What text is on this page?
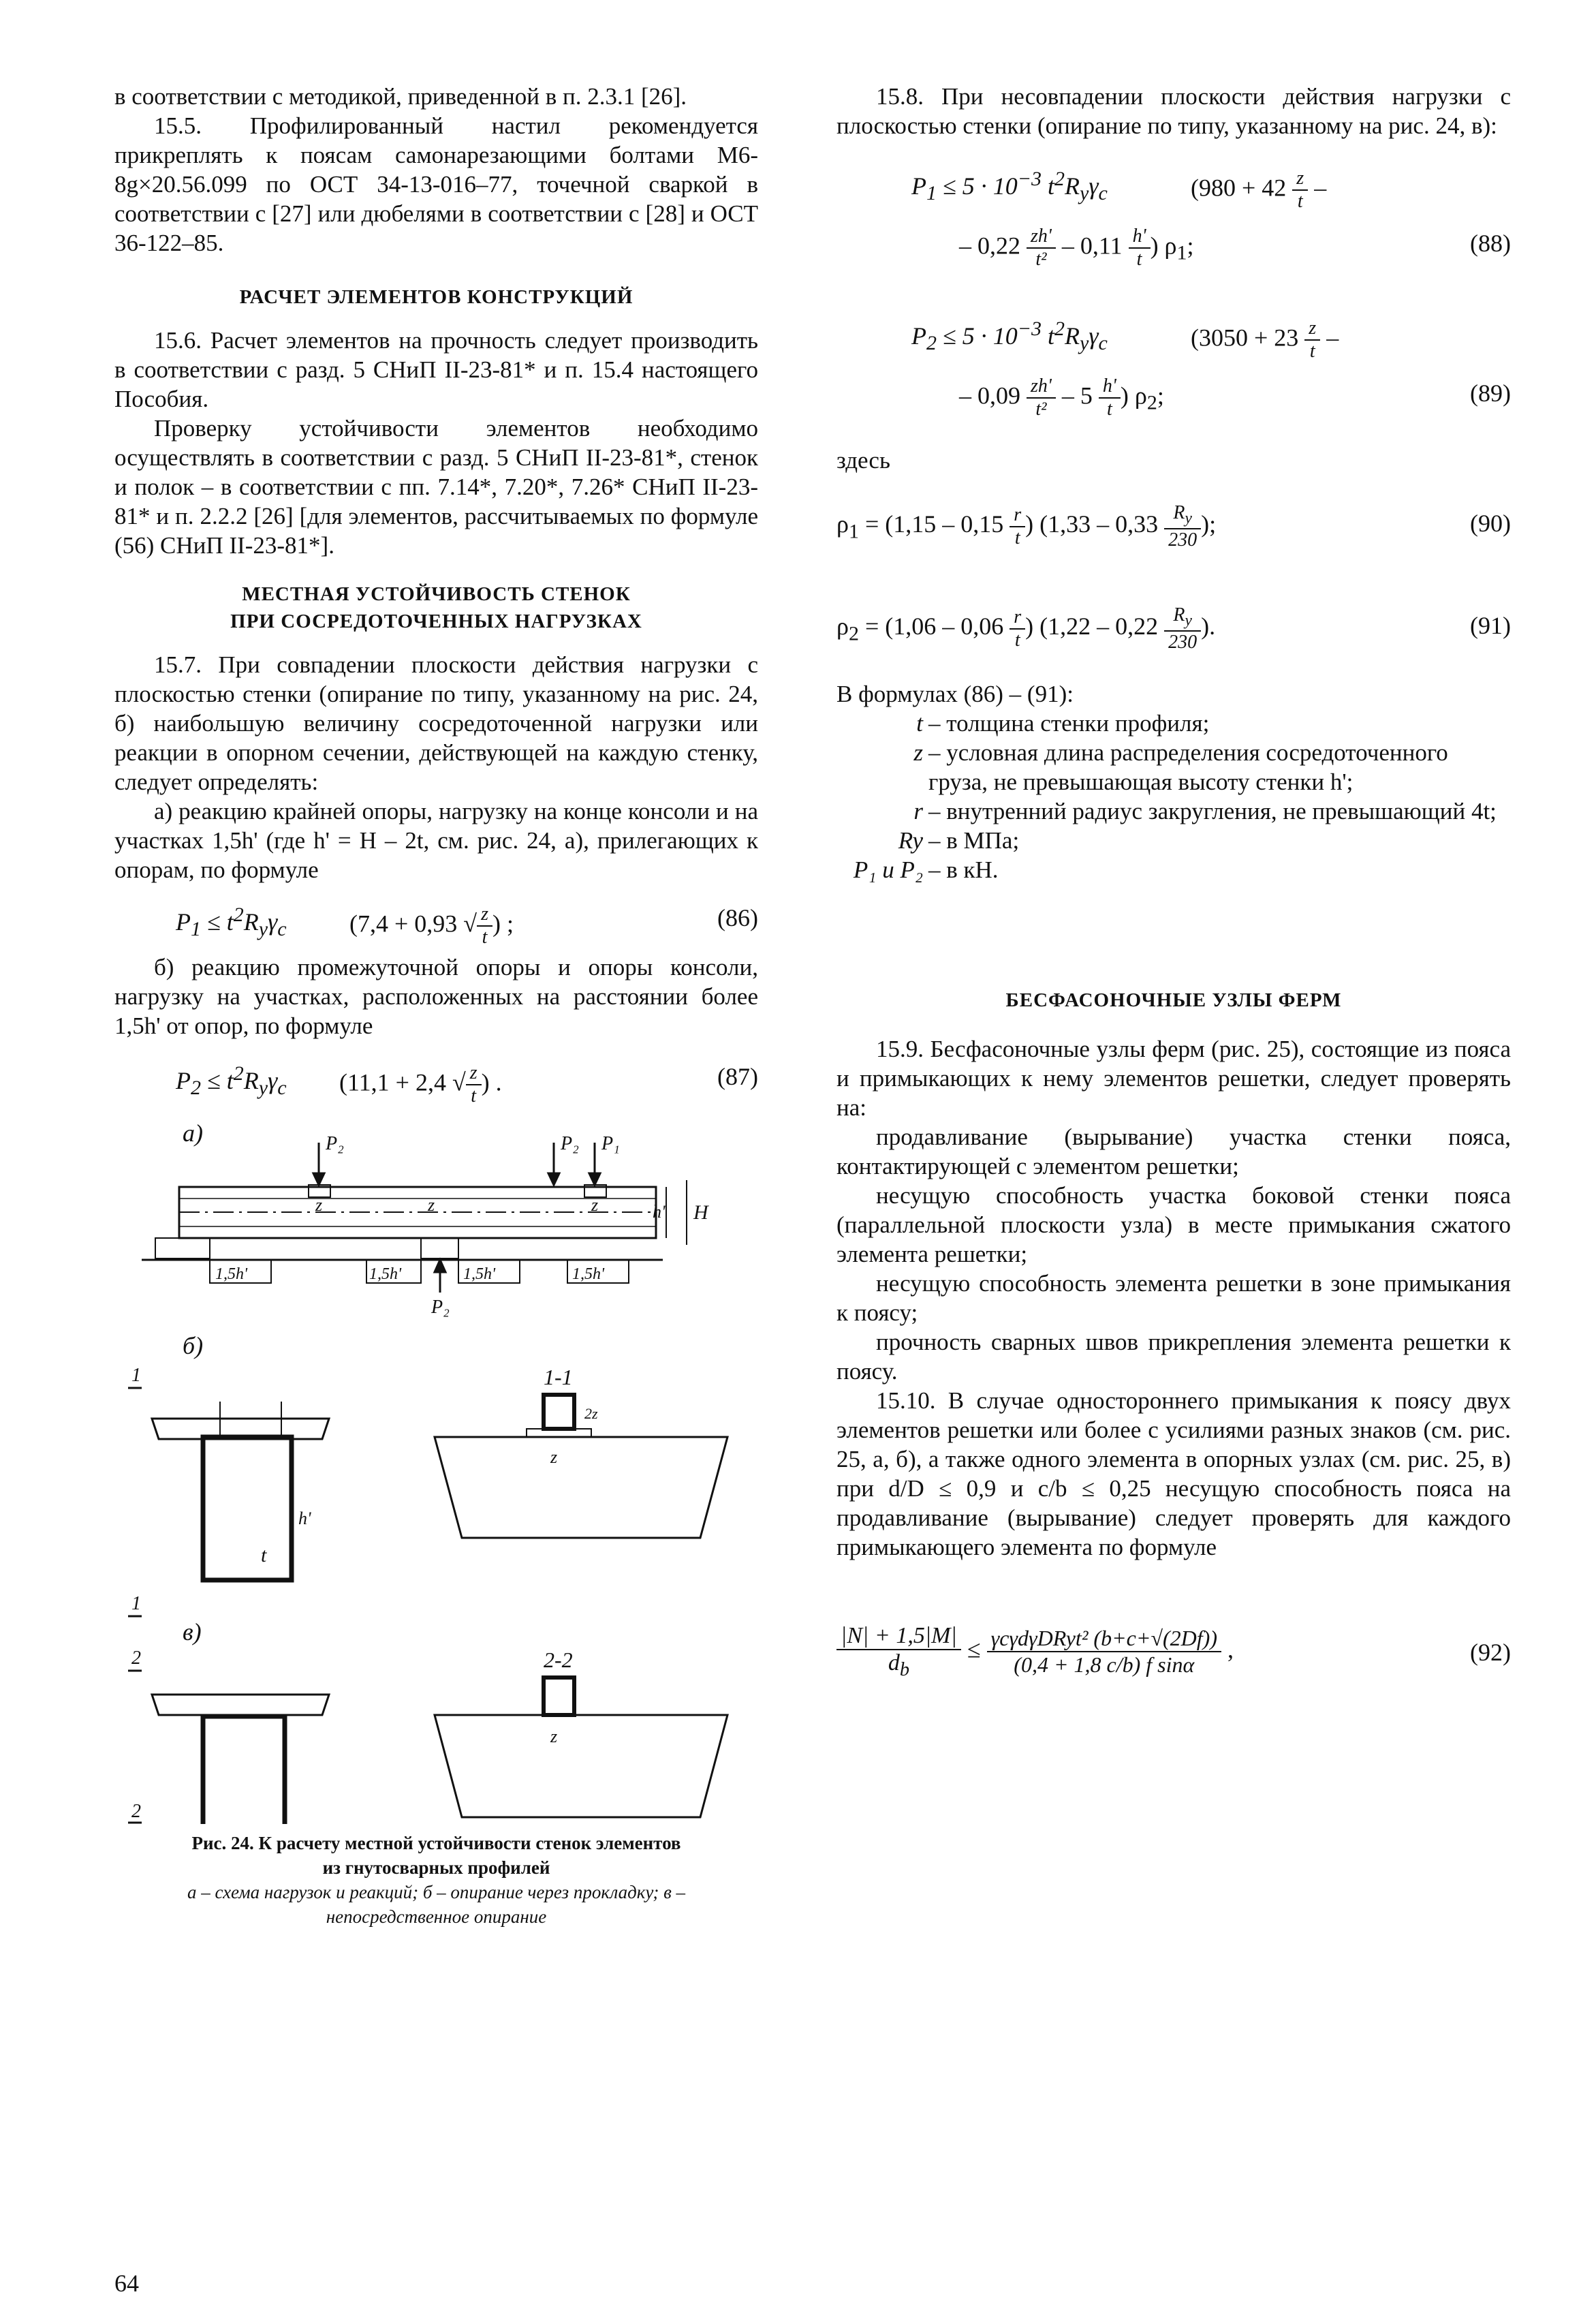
в соответствии с методикой, приведенной в п. 2.3.1 [26].

15.5. Профилированный настил рекомендуется прикреплять к поясам самонарезающими болтами М6-8g×20.56.099 по ОСТ 34-13-016–77, точечной сваркой в соответствии с [27] или дюбелями в соответствии с [28] и ОСТ 36-122–85.

РАСЧЕТ ЭЛЕМЕНТОВ КОНСТРУКЦИЙ

15.6. Расчет элементов на прочность следует производить в соответствии с разд. 5 СНиП II-23-81* и п. 15.4 настоящего Пособия.

Проверку устойчивости элементов необходимо осуществлять в соответствии с разд. 5 СНиП II-23-81*, стенок и полок – в соответствии с пп. 7.14*, 7.20*, 7.26* СНиП II-23-81* и п. 2.2.2 [26] [для элементов, рассчитываемых по формуле (56) СНиП II-23-81*].

МЕСТНАЯ УСТОЙЧИВОСТЬ СТЕНОК
ПРИ СОСРЕДОТОЧЕННЫХ НАГРУЗКАХ

15.7. При совпадении плоскости действия нагрузки с плоскостью стенки (опирание по типу, указанному на рис. 24, б) наибольшую величину сосредоточенной нагрузки или реакции в опорном сечении, действующей на каждую стенку, следует определять:

а) реакцию крайней опоры, нагрузку на конце консоли и на участках 1,5h' (где h' = H – 2t, см. рис. 24, а), прилегающих к опорам, по формуле

$P_1 \le t^2R_y\gamma_c$	(7,4 + 0,93 √ $\frac{z}{t}$ ) ;	(86)

б) реакцию промежуточной опоры и опоры консоли, нагрузку на участках, расположенных на расстоянии более 1,5h' от опор, по формуле

$P_2 \le t^2R_y\gamma_c$ (11,1 + 2,4 √ $\frac{z}{t}$ ) .	(87)
а)	P₂	P₂ P₁
z	z	z	h' H
P₂
1,5h'	1,5h'	1,5h'	1,5h'
б)
1
t
h'
1
1-1
2z
z
в)
2
2
2-2
z
Рис. 24. К расчету местной устойчивости стенок элементов
из гнутосварных профилей
а – схема нагрузок и реакций; б – опирание через прокладку; в – непосредственное опирание

15.8. При несовпадении плоскости действия нагрузки с плоскостью стенки (опирание по типу, указанному на рис. 24, в):

$P_1 \le 5 \cdot 10^{-3}$ $t^2R_y\gamma_c$	($980 + 42 \frac{z}{t}$ –
– $0,22 \frac{zh'}{\text{t²}} - 0,11 \frac{h'}{t}$ ) $\rho_1$;	(88)
$P_2 \le 5 \cdot 10^{-3}$ $t^2R_y\gamma_c$	($3050 + 23 \frac{z}{t}$ –
– $0,09 \frac{zh'}{\text{t²}} - 5 \frac{h'}{t}$ ) $\rho_2$;	(89)

здесь

$\rho_1 = (1,15 - 0,15 \frac{r}{t}$ ) ($1,33 - 0,33 \frac{R_y}{230}$ );	(90)
$\rho_2 = (1,06 - 0,06 \frac{r}{t}$ ) ($1,22 - 0,22 \frac{R_y}{230}$ ).	(91)

В формулах (86) – (91):

t – толщина стенки профиля;
z – условная длина распределения сосредоточенного груза, не превышающая высоту стенки h';
r – внутренний радиус закругления, не превышающий 4t;
Ry – в МПа;
P₁ и P₂ – в кН.
БЕСФАСОНОЧНЫЕ УЗЛЫ ФЕРМ

15.9. Бесфасоночные узлы ферм (рис. 25), состоящие из пояса и примыкающих к нему элементов решетки, следует проверять на:

продавливание (вырывание) участка стенки пояса, контактирующей с элементом решетки;

несущую способность участка боковой стенки пояса (параллельной плоскости узла) в месте примыкания сжатого элемента решетки;

несущую способность элемента решетки в зоне примыкания к поясу;

прочность сварных швов прикрепления элемента решетки к поясу.

15.10. В случае одностороннего примыкания к поясу двух элементов решетки или более с усилиями разных знаков (см. рис. 25, а, б), а также одного элемента в опорных узлах (см. рис. 25, в) при d/D ≤ 0,9 и c/b ≤ 0,25 несущую способность пояса на продавливание (вырывание) следует проверять для каждого примыкающего элемента по формуле

$\frac{|N| + 1,5|M|}{d_b} \le \frac{\text{γcγdγDRyt² (b+c+√(2Df))}}{\text{(0,4 + 1,8 c/b) f sinα}}$ ,	(92)
64
